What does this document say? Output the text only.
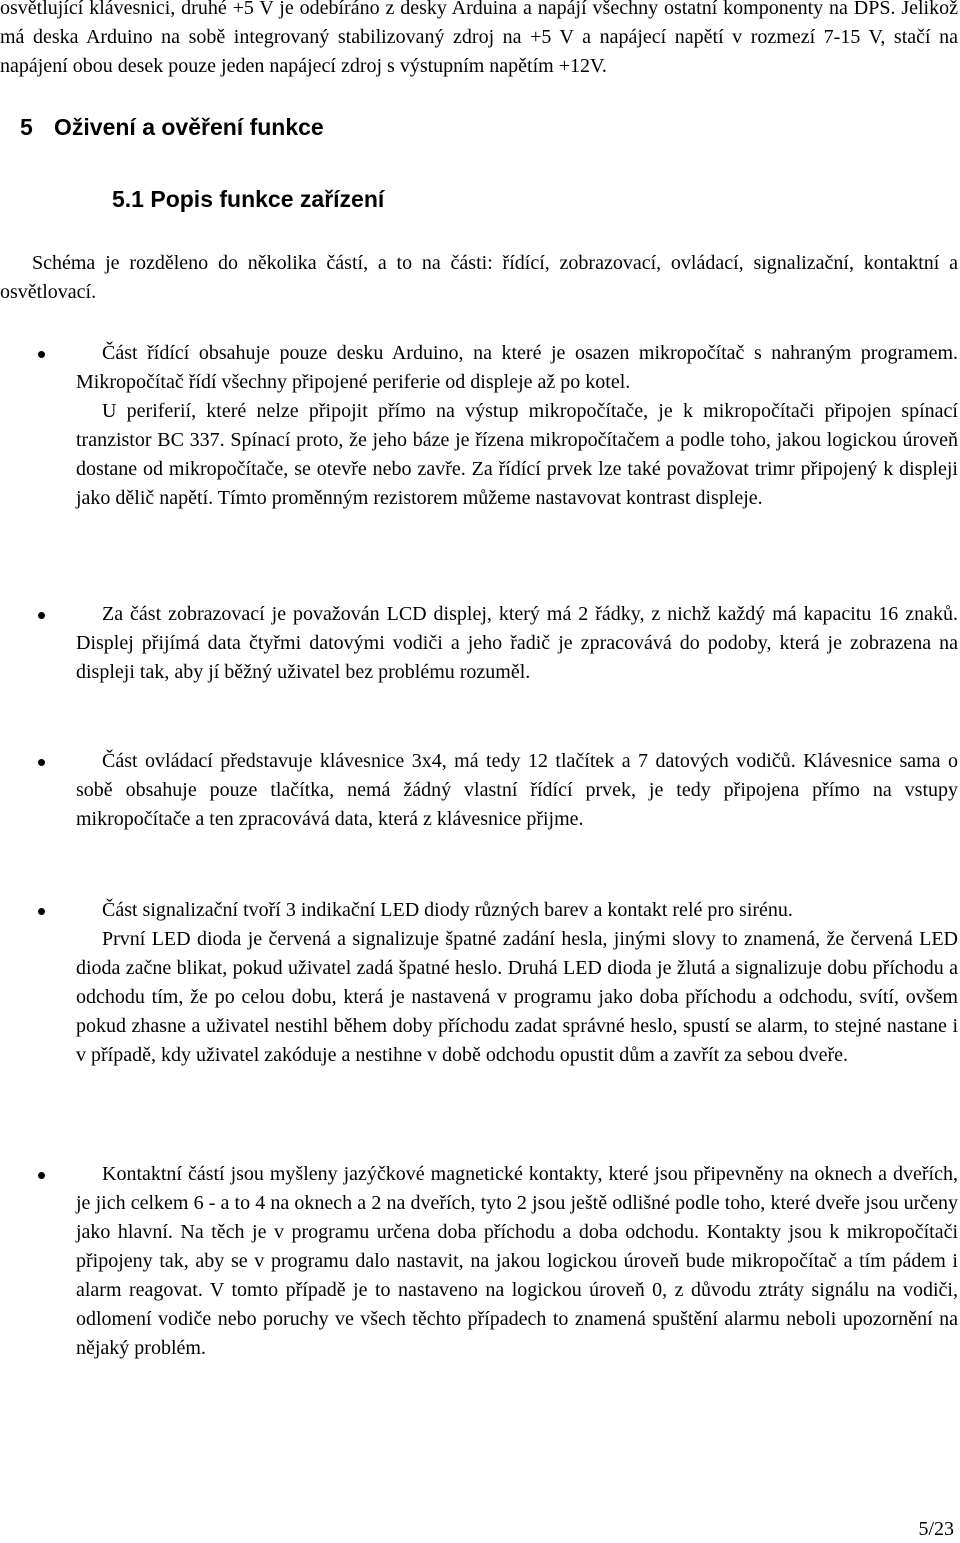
osvětlující klávesnici, druhé +5 V je odebíráno z desky Arduina a napájí všechny ostatní komponenty na DPS. Jelikož má deska Arduino na sobě integrovaný stabilizovaný zdroj na +5 V a napájecí napětí v rozmezí 7-15 V, stačí na napájení obou desek pouze jeden napájecí zdroj s výstupním napětím +12V.

5 Oživení a ověření funkce
5.1 Popis funkce zařízení

Schéma je rozděleno do několika částí, a to na části: řídící, zobrazovací, ovládací, signalizační, kontaktní a osvětlovací.

Část řídící obsahuje pouze desku Arduino, na které je osazen mikropočítač s nahraným programem. Mikropočítač řídí všechny připojené periferie od displeje až po kotel.

U periferií, které nelze připojit přímo na výstup mikropočítače, je k mikropočítači připojen spínací tranzistor BC 337. Spínací proto, že jeho báze je řízena mikropočítačem a podle toho, jakou logickou úroveň dostane od mikropočítače, se otevře nebo zavře. Za řídící prvek lze také považovat trimr připojený k displeji jako dělič napětí. Tímto proměnným rezistorem můžeme nastavovat kontrast displeje.

Za část zobrazovací je považován LCD displej, který má 2 řádky, z nichž každý má kapacitu 16 znaků. Displej přijímá data čtyřmi datovými vodiči a jeho řadič je zpracovává do podoby, která je zobrazena na displeji tak, aby jí běžný uživatel bez problému rozuměl.

Část ovládací představuje klávesnice 3x4, má tedy 12 tlačítek a 7 datových vodičů. Klávesnice sama o sobě obsahuje pouze tlačítka, nemá žádný vlastní řídící prvek, je tedy připojena přímo na vstupy mikropočítače a ten zpracovává data, která z klávesnice přijme.

Část signalizační tvoří 3 indikační LED diody různých barev a kontakt relé pro sirénu.

První LED dioda je červená a signalizuje špatné zadání hesla, jinými slovy to znamená, že červená LED dioda začne blikat, pokud uživatel zadá špatné heslo. Druhá LED dioda je žlutá a signalizuje dobu příchodu a odchodu tím, že po celou dobu, která je nastavená v programu jako doba příchodu a odchodu, svítí, ovšem pokud zhasne a uživatel nestihl během doby příchodu zadat správné heslo, spustí se alarm, to stejné nastane i v případě, kdy uživatel zakóduje a nestihne v době odchodu opustit dům a zavřít za sebou dveře.

Kontaktní částí jsou myšleny jazýčkové magnetické kontakty, které jsou připevněny na oknech a dveřích, je jich celkem 6 - a to 4 na oknech a 2 na dveřích, tyto 2 jsou ještě odlišné podle toho, které dveře jsou určeny jako hlavní. Na těch je v programu určena doba příchodu a doba odchodu. Kontakty jsou k mikropočítači připojeny tak, aby se v programu dalo nastavit, na jakou logickou úroveň bude mikropočítač a tím pádem i alarm reagovat. V tomto případě je to nastaveno na logickou úroveň 0, z důvodu ztráty signálu na vodiči, odlomení vodiče nebo poruchy ve všech těchto případech to znamená spuštění alarmu neboli upozornění na nějaký problém.

5/23
